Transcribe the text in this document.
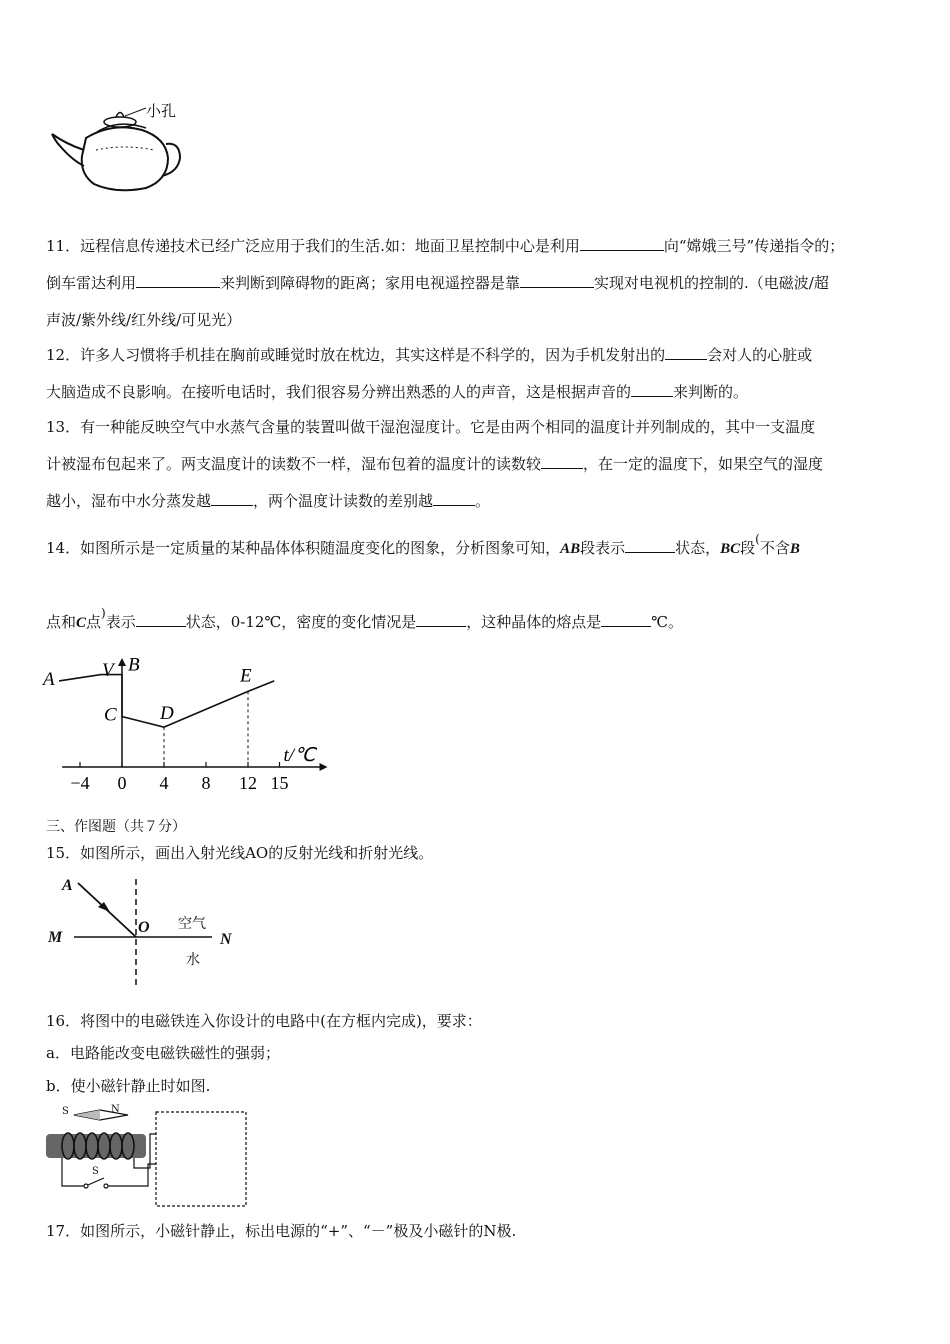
小孔
11．远程信息传递技术已经广泛应用于我们的生活.如：地面卫星控制中心是利用	向“嫦娥三号”传递指令的；
倒车雷达利用	来判断到障碍物的距离；家用电视遥控器是靠	实现对电视机的控制的.（电磁波/超
声波/紫外线/红外线/可见光）
12．许多人习惯将手机挂在胸前或睡觉时放在枕边，其实这样是不科学的，因为手机发射出的	会对人的心脏或
大脑造成不良影响。在接听电话时，我们很容易分辨出熟悉的人的声音，这是根据声音的	来判断的。
13．有一种能反映空气中水蒸气含量的装置叫做干湿泡湿度计。它是由两个相同的温度计并列制成的，其中一支温度
计被湿布包起来了。两支温度计的读数不一样，湿布包着的温度计的读数较	，在一定的温度下，如果空气的湿度
越小，湿布中水分蒸发越	，两个温度计读数的差别越	。
14．如图所示是一定质量的某种晶体体积随温度变化的图象，分析图象可知，AB段表示	状态，BC段(不含B
点和C点)表示	状态，0-12℃，密度的变化情况是	，这种晶体的熔点是	℃。
−4 0 4 8 12 15
A
B
C D
E
V
t/℃
三、作图题（共７分）
15．如图所示，画出入射光线AO的反射光线和折射光线。
A
O
M	N
空气
水
16．将图中的电磁铁连入你设计的电路中(在方框内完成)，要求：
a．电路能改变电磁铁磁性的强弱；
b．使小磁针静止时如图.
S	N
S
17．如图所示，小磁针静止，标出电源的“+”、“－”极及小磁针的N极.
